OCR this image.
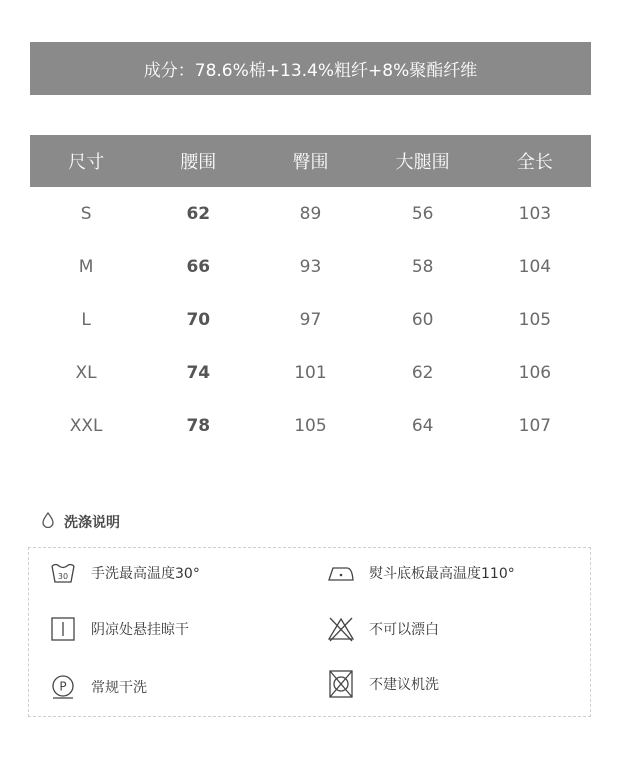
成分：78.6%棉+13.4%粗纤+8%聚酯纤维
尺寸	腰围	臀围	大腿围	全长
S	62	89	56	103
M	66	93	58	104
L	70	97	60	105
XL	74	101	62	106
XXL	78	105	64	107
洗涤说明
30 手洗最高温度30°
阴凉处悬挂晾干
P 常规干洗
熨斗底板最高温度110°
不可以漂白
不建议机洗
